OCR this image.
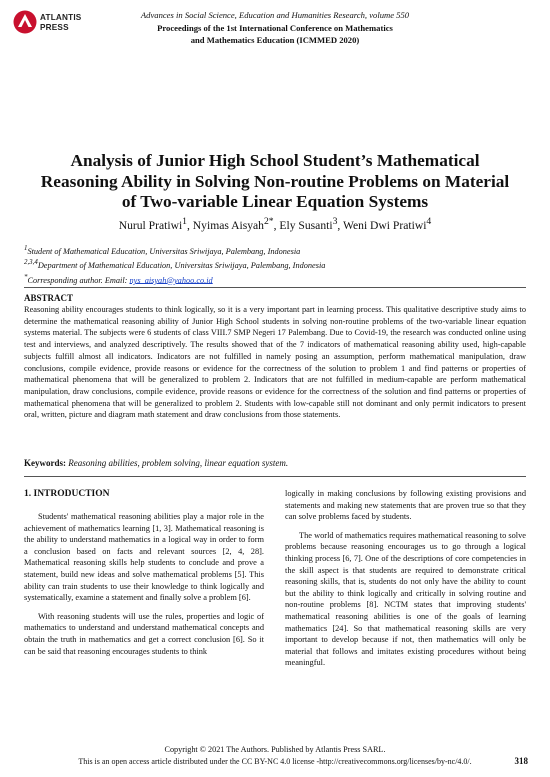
ATLANTIS
PRESS
Advances in Social Science, Education and Humanities Research, volume 550
Proceedings of the 1st International Conference on Mathematics
and Mathematics Education (ICMMED 2020)
Analysis of Junior High School Student’s Mathematical Reasoning Ability in Solving Non-routine Problems on Material of Two-variable Linear Equation Systems
Nurul Pratiwi$^1$, Nyimas Aisyah$^{2*}$, Ely Susanti$^3$, Weni Dwi Pratiwi$^4$
$^1$Student of Mathematical Education, Universitas Sriwijaya, Palembang, Indonesia
$^{2,3,4}$Department of Mathematical Education, Universitas Sriwijaya, Palembang, Indonesia
*Corresponding author. Email: nys_aisyah@yahoo.co.id
ABSTRACT
Reasoning ability encourages students to think logically, so it is a very important part in learning process. This qualitative descriptive study aims to determine the mathematical reasoning ability of Junior High School students in solving non-routine problems of the two-variable linear equation systems material. The subjects were 6 students of class VIII.7 SMP Negeri 17 Palembang. Due to Covid-19, the research was conducted online using test and interviews, and analyzed descriptively. The results showed that of the 7 indicators of mathematical reasoning ability used, high-capable subjects fulfill almost all indicators. Indicators are not fulfilled in namely posing an assumption, perform mathematical manipulation, draw conclusions, compile evidence, provide reasons or evidence for the correctness of the solution to problem 1 and find patterns or properties of mathematical phenomena that will be generalized to problem 2. Indicators that are not fulfilled in medium-capable are perform mathematical manipulation, draw conclusions, compile evidence, provide reasons or evidence for the correctness of the solution and find patterns or properties of mathematical phenomena that will be generalized to problem 2. Students with low-capable still not dominant and only permit indicators to present oral, written, picture and diagram math statement and draw conclusions from those statements.
Keywords: Reasoning abilities, problem solving, linear equation system.
1. INTRODUCTION

Students' mathematical reasoning abilities play a major role in the achievement of mathematics learning [1, 3]. Mathematical reasoning is the ability to understand mathematics in a logical way in order to form a conclusion based on facts and relevant sources [2, 4, 28]. Mathematical reasoning skills help students to conclude and prove a statement, build new ideas and solve mathematical problems [5]. This ability can train students to use their knowledge to think logically and systematically, examine a statement and finally solve a problem [6].

With reasoning students will use the rules, properties and logic of mathematics to understand and understand mathematical concepts and obtain the truth in mathematics and get a correct conclusion [6]. So it can be said that reasoning encourages students to think

logically in making conclusions by following existing provisions and statements and making new statements that are proven true so that they can solve problems faced by students.

The world of mathematics requires mathematical reasoning to solve problems because reasoning encourages us to go through a logical thinking process [6, 7]. One of the descriptions of core competencies in the skill aspect is that students are required to demonstrate critical reasoning skills, that is, students do not only have the ability to count but the ability to think logically and critically in solving routine and non-routine problems [8]. NCTM states that improving students' mathematical reasoning abilities is one of the goals of learning mathematics [24]. So that mathematical reasoning skills are very important to develop because if not, then mathematics will only be material that follows and imitates existing procedures without being meaningful.

Copyright © 2021 The Authors. Published by Atlantis Press SARL.
This is an open access article distributed under the CC BY-NC 4.0 license -http://creativecommons.org/licenses/by-nc/4.0/.	318
